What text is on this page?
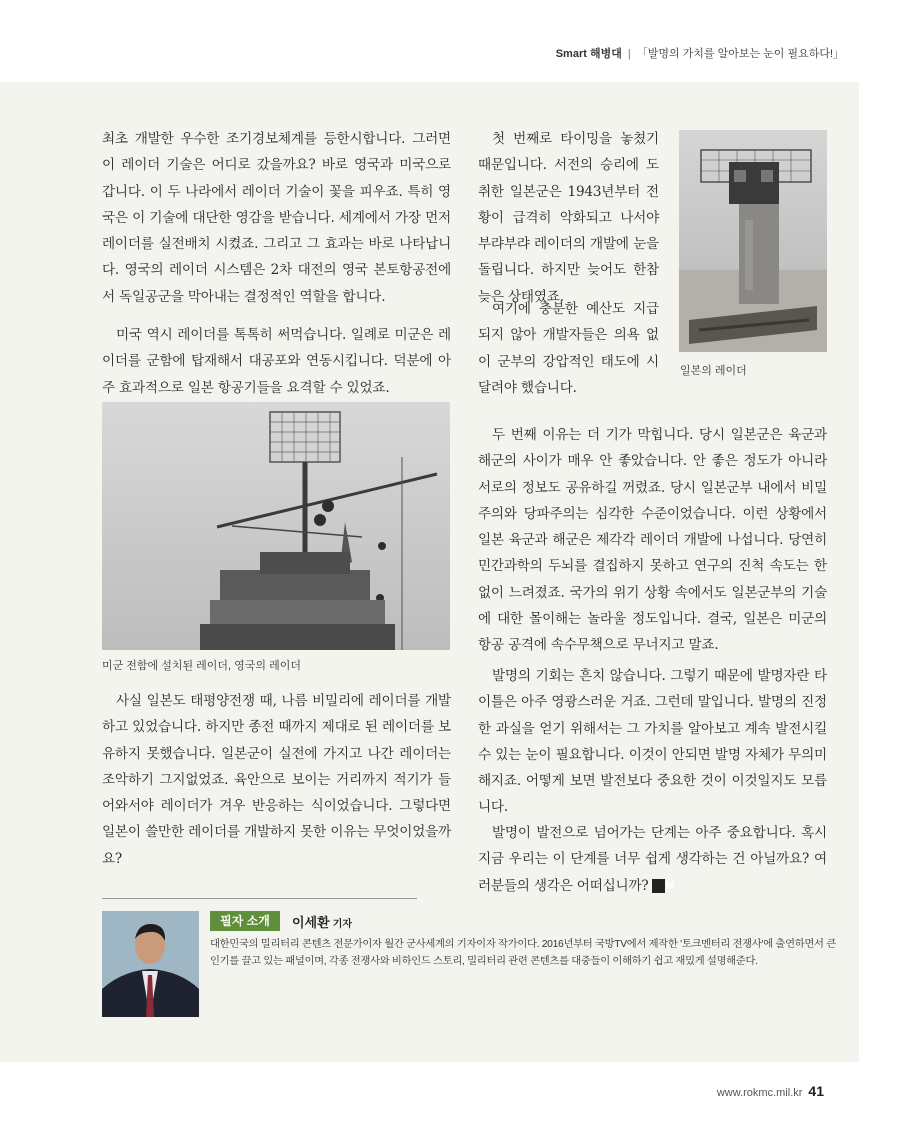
Smart 해병대 | 「발명의 가치를 알아보는 눈이 필요하다!」

최초 개발한 우수한 조기경보체계를 등한시합니다. 그러면 이 레이더 기술은 어디로 갔을까요? 바로 영국과 미국으로 갑니다. 이 두 나라에서 레이더 기술이 꽃을 피우죠. 특히 영국은 이 기술에 대단한 영감을 받습니다. 세계에서 가장 먼저 레이더를 실전배치 시켰죠. 그리고 그 효과는 바로 나타납니다. 영국의 레이더 시스템은 2차 대전의 영국 본토항공전에서 독일공군을 막아내는 결정적인 역할을 합니다.

미국 역시 레이더를 톡톡히 써먹습니다. 일례로 미군은 레이더를 군함에 탑재해서 대공포와 연동시킵니다. 덕분에 아주 효과적으로 일본 항공기들을 요격할 수 있었죠.

미군 전함에 설치된 레이더, 영국의 레이더

사실 일본도 태평양전쟁 때, 나름 비밀리에 레이더를 개발하고 있었습니다. 하지만 종전 때까지 제대로 된 레이더를 보유하지 못했습니다. 일본군이 실전에 가지고 나간 레이더는 조악하기 그지없었죠. 육안으로 보이는 거리까지 적기가 들어와서야 레이더가 겨우 반응하는 식이었습니다. 그렇다면 일본이 쓸만한 레이더를 개발하지 못한 이유는 무엇이었을까요?

첫 번째로 타이밍을 놓쳤기 때문입니다. 서전의 승리에 도취한 일본군은 1943년부터 전황이 급격히 악화되고 나서야 부랴부랴 레이더의 개발에 눈을 돌립니다. 하지만 늦어도 한참 늦은 상태였죠.

여기에 충분한 예산도 지급되지 않아 개발자들은 의욕 없이 군부의 강압적인 태도에 시달려야 했습니다.

일본의 레이더

두 번째 이유는 더 기가 막힙니다. 당시 일본군은 육군과 해군의 사이가 매우 안 좋았습니다. 안 좋은 정도가 아니라 서로의 정보도 공유하길 꺼렸죠. 당시 일본군부 내에서 비밀주의와 당파주의는 심각한 수준이었습니다. 이런 상황에서 일본 육군과 해군은 제각각 레이더 개발에 나섭니다. 당연히 민간과학의 두뇌를 결집하지 못하고 연구의 진척 속도는 한없이 느려졌죠. 국가의 위기 상황 속에서도 일본군부의 기술에 대한 몰이해는 놀라울 정도입니다. 결국, 일본은 미군의 항공 공격에 속수무책으로 무너지고 말죠.

발명의 기회는 흔치 않습니다. 그렇기 때문에 발명자란 타이틀은 아주 영광스러운 거죠. 그런데 말입니다. 발명의 진정한 과실을 얻기 위해서는 그 가치를 알아보고 계속 발전시킬 수 있는 눈이 필요합니다. 이것이 안되면 발명 자체가 무의미해지죠. 어떻게 보면 발전보다 중요한 것이 이것일지도 모릅니다.

발명이 발전으로 넘어가는 단계는 아주 중요합니다. 혹시 지금 우리는 이 단계를 너무 쉽게 생각하는 건 아닐까요? 여러분들의 생각은 어떠십니까? M

필자 소개	이세환 기자

대한민국의 밀리터리 콘텐츠 전문가이자 월간 군사세계의 기자이자 작가이다. 2016년부터 국방TV에서 제작한 '토크멘터리 전쟁사'에 출연하면서 큰 인기를 끌고 있는 패널이며, 각종 전쟁사와 비하인드 스토리, 밀리터리 관련 콘텐츠를 대중들이 이해하기 쉽고 재밌게 설명해준다.

www.rokmc.mil.kr 41
